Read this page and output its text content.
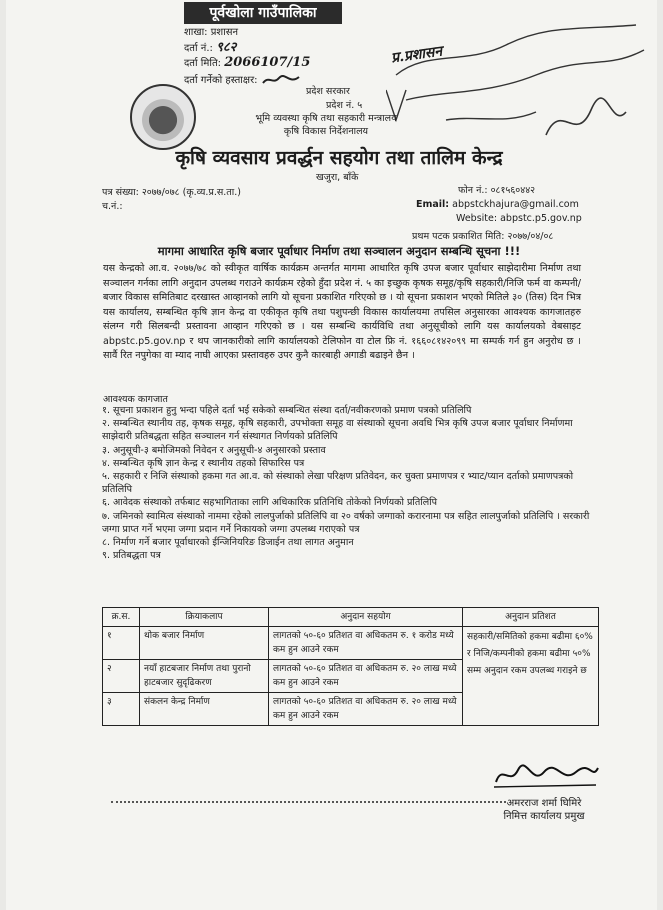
पूर्वखोला गाउँपालिका
शाखा: प्रशासन
दर्ता नं.: ९८२
दर्ता मिति: 2066107/15
दर्ता गर्नेको हस्ताक्षर:
प्र.प्रशासन
प्रदेश सरकार
प्रदेश नं. ५
भूमि व्यवस्था कृषि तथा सहकारी मन्त्रालय
कृषि विकास निर्देशनालय
कृषि व्यवसाय प्रवर्द्धन सहयोग तथा तालिम केन्द्र
खजुरा, बाँके
पत्र संख्या: २०७७/०७८ (कृ.व्य.प्र.स.ता.)
च.नं.:
फोन नं.: ०८१५६०४४२
Email: abpstckhajura@gmail.com
Website: abpstc.p5.gov.np
प्रथम पटक प्रकाशित मिति: २०७७/०४/०८
मागमा आधारित कृषि बजार पूर्वाधार निर्माण तथा सञ्चालन अनुदान सम्बन्धि सूचना !!!
यस केन्द्रको आ.व. २०७७/७८ को स्वीकृत वार्षिक कार्यक्रम अन्तर्गत मागमा आधारित कृषि उपज बजार पूर्वाधार साझेदारीमा निर्माण तथा सञ्चालन गर्नका लागि अनुदान उपलब्ध गराउने कार्यक्रम रहेको हुँदा प्रदेश नं. ५ का इच्छुक कृषक समूह/कृषि सहकारी/निजि फर्म वा कम्पनी/बजार विकास समितिबाट दरखास्त आव्हानको लागि यो सूचना प्रकाशित गरिएको छ । यो सूचना प्रकाशन भएको मितिले ३० (तिस) दिन भित्र यस कार्यालय, सम्बन्धित कृषि ज्ञान केन्द्र वा एकीकृत कृषि तथा पशुपन्छी विकास कार्यालयमा तपसिल अनुसारका आवश्यक कागजातहरु संलग्न गरी सिलबन्दी प्रस्तावना आव्हान गरिएको छ । यस सम्बन्धि कार्यविधि तथा अनुसूचीको लागि यस कार्यालयको वेबसाइट abpstc.p5.gov.np र थप जानकारीको लागि कार्यालयको टेलिफोन वा टोल फ्रि नं. १६६०८१४२०९९ मा सम्पर्क गर्न हुन अनुरोध छ । सार्वै रित नपुगेका वा म्याद नाघी आएका प्रस्तावहरु उपर कुनै कारबाही अगाडी बढाइने छैन ।
आवश्यक कागजात
१. सूचना प्रकाशन हुनु भन्दा पहिले दर्ता भई सकेको सम्बन्धित संस्था दर्ता/नवीकरणको प्रमाण पत्रको प्रतिलिपि
२. सम्बन्धित स्थानीय तह, कृषक समूह, कृषि सहकारी, उपभोक्ता समूह वा संस्थाको सूचना अवधि भित्र कृषि उपज बजार पूर्वाधार निर्माणमा साझेदारी प्रतिबद्धता सहित सञ्चालन गर्न संस्थागत निर्णयको प्रतिलिपि
३. अनुसूची-३ बमोजिमको निवेदन र अनुसूची-४ अनुसारको प्रस्ताव
४. सम्बन्धित कृषि ज्ञान केन्द्र र स्थानीय तहको सिफारिस पत्र
५. सहकारी र निजि संस्थाको हकमा गत आ.व. को संस्थाको लेखा परिक्षण प्रतिवेदन, कर चुक्ता प्रमाणपत्र र भ्याट/प्यान दर्ताको प्रमाणपत्रको प्रतिलिपि
६. आवेदक संस्थाको तर्फबाट सहभागिताका लागि अधिकारिक प्रतिनिधि तोकेको निर्णयको प्रतिलिपि
७. जमिनको स्वामित्व संस्थाको नाममा रहेको लालपुर्जाको प्रतिलिपि वा २० वर्षको जग्गाको करारनामा पत्र सहित लालपुर्जाको प्रतिलिपि । सरकारी जग्गा प्राप्त गर्ने भएमा जग्गा प्रदान गर्ने निकायको जग्गा उपलब्ध गराएको पत्र
८. निर्माण गर्ने बजार पूर्वाधारको ईन्जिनियरिङ डिजाईन तथा लागत अनुमान
९. प्रतिबद्धता पत्र
क्र.स.	क्रियाकलाप	अनुदान सहयोग	अनुदान प्रतिशत
१	थोक बजार निर्माण	लागतको ५०-६० प्रतिशत वा अधिकतम रु. १ करोड मध्ये कम हुन आउने रकम	सहकारी/समितिको हकमा बढीमा ६०% र निजि/कम्पनीको हकमा बढीमा ५०% सम्म अनुदान रकम उपलब्ध गराइने छ
२	नयाँ हाटबजार निर्माण तथा पुरानो हाटबजार सुदृढिकरण	लागतको ५०-६० प्रतिशत वा अधिकतम रु. २० लाख मध्ये कम हुन आउने रकम	
३	संकलन केन्द्र निर्माण	लागतको ५०-६० प्रतिशत वा अधिकतम रु. २० लाख मध्ये कम हुन आउने रकम	
अमरराज शर्मा घिमिरे
निमित्त कार्यालय प्रमुख
